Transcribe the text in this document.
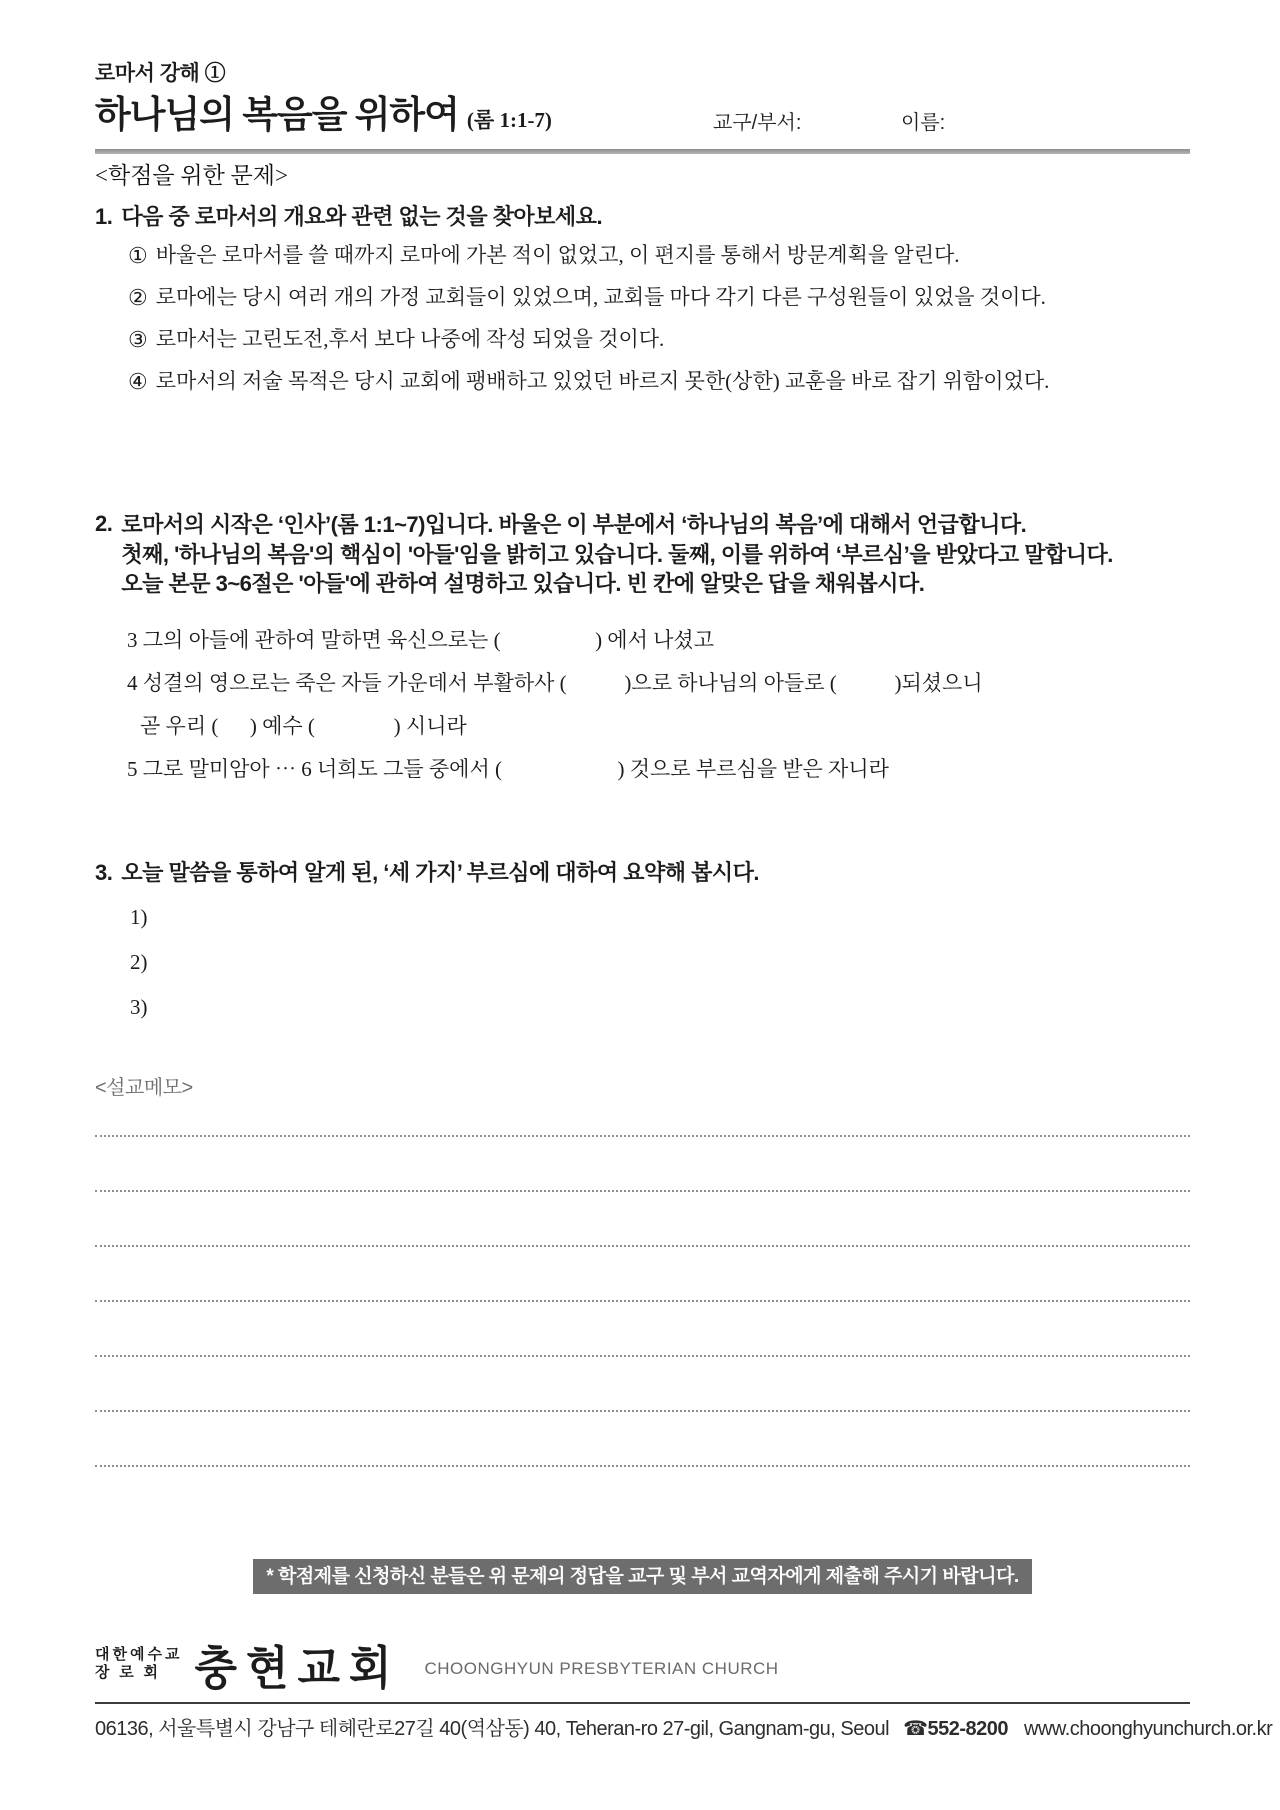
로마서 강해 ①
하나님의 복음을 위하여 (롬 1:1-7)	교구/부서:	이름:
<학점을 위한 문제>
1. 다음 중 로마서의 개요와 관련 없는 것을 찾아보세요.
① 바울은 로마서를 쓸 때까지 로마에 가본 적이 없었고, 이 편지를 통해서 방문계획을 알린다.
② 로마에는 당시 여러 개의 가정 교회들이 있었으며, 교회들 마다 각기 다른 구성원들이 있었을 것이다.
③ 로마서는 고린도전,후서 보다 나중에 작성 되었을 것이다.
④ 로마서의 저술 목적은 당시 교회에 팽배하고 있었던 바르지 못한(상한) 교훈을 바로 잡기 위함이었다.
2. 로마서의 시작은 ‘인사’(롬 1:1~7)입니다. 바울은 이 부분에서 ‘하나님의 복음’에 대해서 언급합니다.
첫째, '하나님의 복음'의 핵심이 '아들'임을 밝히고 있습니다. 둘째, 이를 위하여 ‘부르심’을 받았다고 말합니다.
오늘 본문 3~6절은 '아들'에 관하여 설명하고 있습니다. 빈 칸에 알맞은 답을 채워봅시다.
3 그의 아들에 관하여 말하면 육신으로는 (                  ) 에서 나셨고
4 성결의 영으로는 죽은 자들 가운데서 부활하사 (           )으로 하나님의 아들로 (           )되셨으니
곧 우리 (      ) 예수 (               ) 시니라
5 그로 말미암아 ⋯ 6 너희도 그들 중에서 (                      ) 것으로 부르심을 받은 자니라
3. 오늘 말씀을 통하여 알게 된, ‘세 가지’ 부르심에 대하여 요약해 봅시다.
1)
2)
3)
<설교메모>
* 학점제를 신청하신 분들은 위 문제의 정답을 교구 및 부서 교역자에게 제출해 주시기 바랍니다.
대한예수교
장 로 회 충현교회 CHOONGHYUN PRESBYTERIAN CHURCH
06136, 서울특별시 강남구 테헤란로27길 40(역삼동) 40, Teheran-ro 27-gil, Gangnam-gu, Seoul ☎552-8200 www.choonghyunchurch.or.kr
